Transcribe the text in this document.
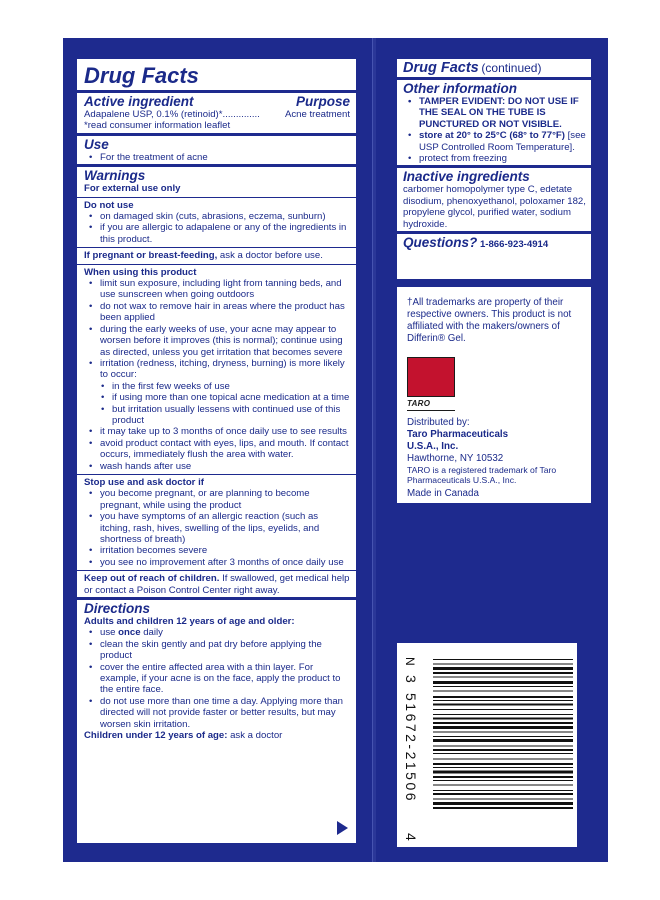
Drug Facts
Active ingredient	Purpose
Adapalene USP, 0.1% (retinoid)*..............	Acne treatment
*read consumer information leaflet
Use
• For the treatment of acne
Warnings
For external use only
Do not use
• on damaged skin (cuts, abrasions, eczema, sunburn)
• if you are allergic to adapalene or any of the ingredients in this product.
If pregnant or breast-feeding, ask a doctor before use.
When using this product
• limit sun exposure, including light from tanning beds, and use sunscreen when going outdoors
• do not wax to remove hair in areas where the product has been applied
• during the early weeks of use, your acne may appear to worsen before it improves (this is normal); continue using as directed, unless you get irritation that becomes severe
• irritation (redness, itching, dryness, burning) is more likely to occur:
• in the first few weeks of use
• if using more than one topical acne medication at a time
• but irritation usually lessens with continued use of this product
• it may take up to 3 months of once daily use to see results
• avoid product contact with eyes, lips, and mouth. If contact occurs, immediately flush the area with water.
• wash hands after use
Stop use and ask doctor if
• you become pregnant, or are planning to become pregnant, while using the product
• you have symptoms of an allergic reaction (such as itching, rash, hives, swelling of the lips, eyelids, and shortness of breath)
• irritation becomes severe
• you see no improvement after 3 months of once daily use
Keep out of reach of children. If swallowed, get medical help or contact a Poison Control Center right away.
Directions
Adults and children 12 years of age and older:
• use once daily
• clean the skin gently and pat dry before applying the product
• cover the entire affected area with a thin layer. For example, if your acne is on the face, apply the product to the entire face.
• do not use more than one time a day. Applying more than directed will not provide faster or better results, but may worsen skin irritation.
Children under 12 years of age: ask a doctor
Drug Facts (continued)
Other information
• TAMPER EVIDENT: DO NOT USE IF THE SEAL ON THE TUBE IS PUNCTURED OR NOT VISIBLE.
• store at 20° to 25°C (68° to 77°F) [see USP Controlled Room Temperature].
• protect from freezing
Inactive ingredients
carbomer homopolymer type C, edetate disodium, phenoxyethanol, poloxamer 182, propylene glycol, purified water, sodium hydroxide.
Questions? 1-866-923-4914
†All trademarks are property of their respective owners. This product is not affiliated with the makers/owners of Differin® Gel.
TARO
Distributed by:
Taro Pharmaceuticals
U.S.A., Inc.
Hawthorne, NY 10532
TARO is a registered trademark of Taro Pharmaceuticals U.S.A., Inc.
Made in Canada
N
3
51672-21506
4
